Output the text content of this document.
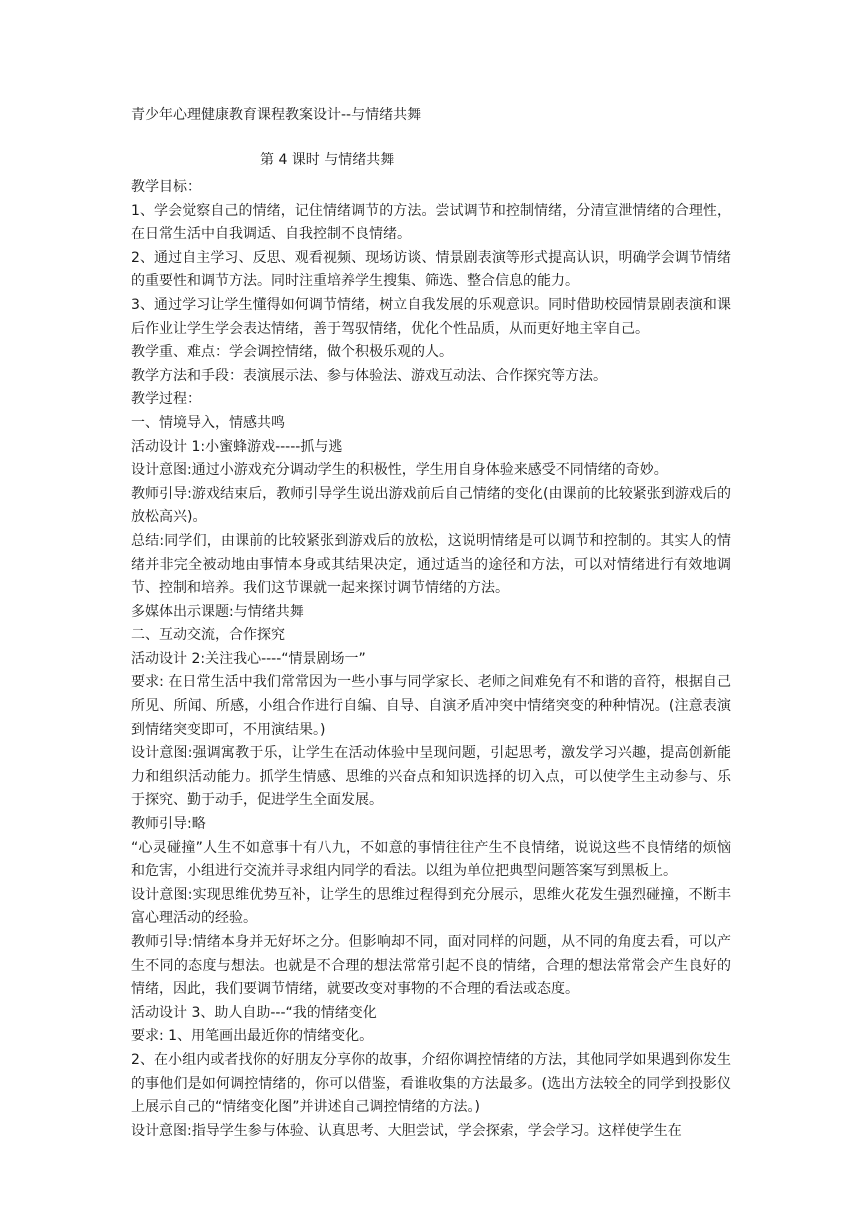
青少年心理健康教育课程教案设计--与情绪共舞
第 4 课时 与情绪共舞

教学目标：

1、学会觉察自己的情绪，记住情绪调节的方法。尝试调节和控制情绪，分清宣泄情绪的合理性，在日常生活中自我调适、自我控制不良情绪。

2、通过自主学习、反思、观看视频、现场访谈、情景剧表演等形式提高认识，明确学会调节情绪的重要性和调节方法。同时注重培养学生搜集、筛选、整合信息的能力。

3、通过学习让学生懂得如何调节情绪，树立自我发展的乐观意识。同时借助校园情景剧表演和课后作业让学生学会表达情绪，善于驾驭情绪，优化个性品质，从而更好地主宰自己。

教学重、难点：学会调控情绪，做个积极乐观的人。

教学方法和手段：表演展示法、参与体验法、游戏互动法、合作探究等方法。

教学过程：

一、情境导入，情感共鸣

活动设计 1:小蜜蜂游戏-----抓与逃

设计意图:通过小游戏充分调动学生的积极性，学生用自身体验来感受不同情绪的奇妙。

教师引导:游戏结束后，教师引导学生说出游戏前后自己情绪的变化(由课前的比较紧张到游戏后的放松高兴)。

总结:同学们，由课前的比较紧张到游戏后的放松，这说明情绪是可以调节和控制的。其实人的情绪并非完全被动地由事情本身或其结果决定，通过适当的途径和方法，可以对情绪进行有效地调节、控制和培养。我们这节课就一起来探讨调节情绪的方法。

多媒体出示课题:与情绪共舞

二、互动交流，合作探究

活动设计 2:关注我心----“情景剧场一”

要求: 在日常生活中我们常常因为一些小事与同学家长、老师之间难免有不和谐的音符，根据自己所见、所闻、所感，小组合作进行自编、自导、自演矛盾冲突中情绪突变的种种情况。(注意表演到情绪突变即可，不用演结果。)

设计意图:强调寓教于乐，让学生在活动体验中呈现问题，引起思考，激发学习兴趣，提高创新能力和组织活动能力。抓学生情感、思维的兴奋点和知识选择的切入点，可以使学生主动参与、乐于探究、勤于动手，促进学生全面发展。

教师引导:略

“心灵碰撞”人生不如意事十有八九，不如意的事情往往产生不良情绪，说说这些不良情绪的烦恼和危害，小组进行交流并寻求组内同学的看法。以组为单位把典型问题答案写到黑板上。

设计意图:实现思维优势互补，让学生的思维过程得到充分展示，思维火花发生强烈碰撞，不断丰富心理活动的经验。

教师引导:情绪本身并无好坏之分。但影响却不同，面对同样的问题，从不同的角度去看，可以产生不同的态度与想法。也就是不合理的想法常常引起不良的情绪，合理的想法常常会产生良好的情绪，因此，我们要调节情绪，就要改变对事物的不合理的看法或态度。

活动设计 3、助人自助---“我的情绪变化

要求: 1、用笔画出最近你的情绪变化。

2、在小组内或者找你的好朋友分享你的故事，介绍你调控情绪的方法，其他同学如果遇到你发生的事他们是如何调控情绪的，你可以借鉴，看谁收集的方法最多。(选出方法较全的同学到投影仪上展示自己的“情绪变化图”并讲述自己调控情绪的方法。)

设计意图:指导学生参与体验、认真思考、大胆尝试，学会探索，学会学习。这样使学生在
